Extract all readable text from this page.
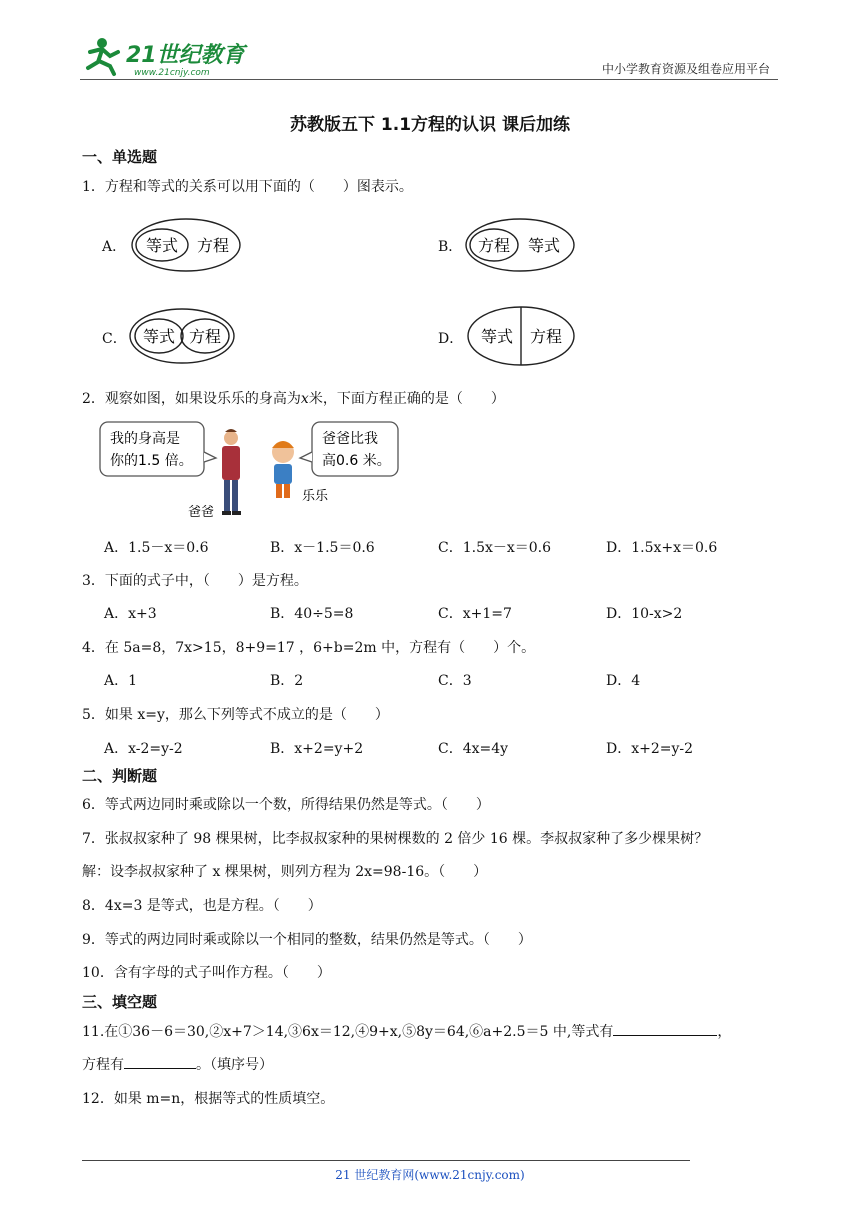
21世纪教育
www.21cnjy.com	中小学教育资源及组卷应用平台
苏教版五下 1.1方程的认识 课后加练
一、单选题
1．方程和等式的关系可以用下面的（　　）图表示。
A． 等式 方程	B． 方程 等式
C． 等式 方程	D． 等式 方程
2．观察如图，如果设乐乐的身高为x米，下面方程正确的是（　　）
我的身高是
你的1.5 倍。
爸爸
乐乐
爸爸比我
高0.6 米。
A．1.5－x＝0.6	B．x－1.5＝0.6	C．1.5x－x＝0.6	D．1.5x+x＝0.6
3．下面的式子中，（　　）是方程。
A．x+3	B．40÷5=8	C．x+1=7	D．10-x>2
4．在 5a=8，7x>15，8+9=17 ，6+b=2m 中，方程有（　　）个。
A．1	B．2	C．3	D．4
5．如果 x=y，那么下列等式不成立的是（　　）
A．x-2=y-2	B．x+2=y+2	C．4x=4y	D．x+2=y-2
二、判断题
6．等式两边同时乘或除以一个数，所得结果仍然是等式。（　　）
7．张叔叔家种了 98 棵果树，比李叔叔家种的果树棵数的 2 倍少 16 棵。李叔叔家种了多少棵果树？
解：设李叔叔家种了 x 棵果树，则列方程为 2x=98-16。（　　）
8．4x=3 是等式，也是方程。（　　）
9．等式的两边同时乘或除以一个相同的整数，结果仍然是等式。（　　）
10．含有字母的式子叫作方程。（　　）
三、填空题
11.在①36－6＝30,②x+7＞14,③6x＝12,④9+x,⑤8y＝64,⑥a+2.5＝5 中,等式有	，
方程有	。（填序号）
12．如果 m=n，根据等式的性质填空。
21 世纪教育网(www.21cnjy.com)
